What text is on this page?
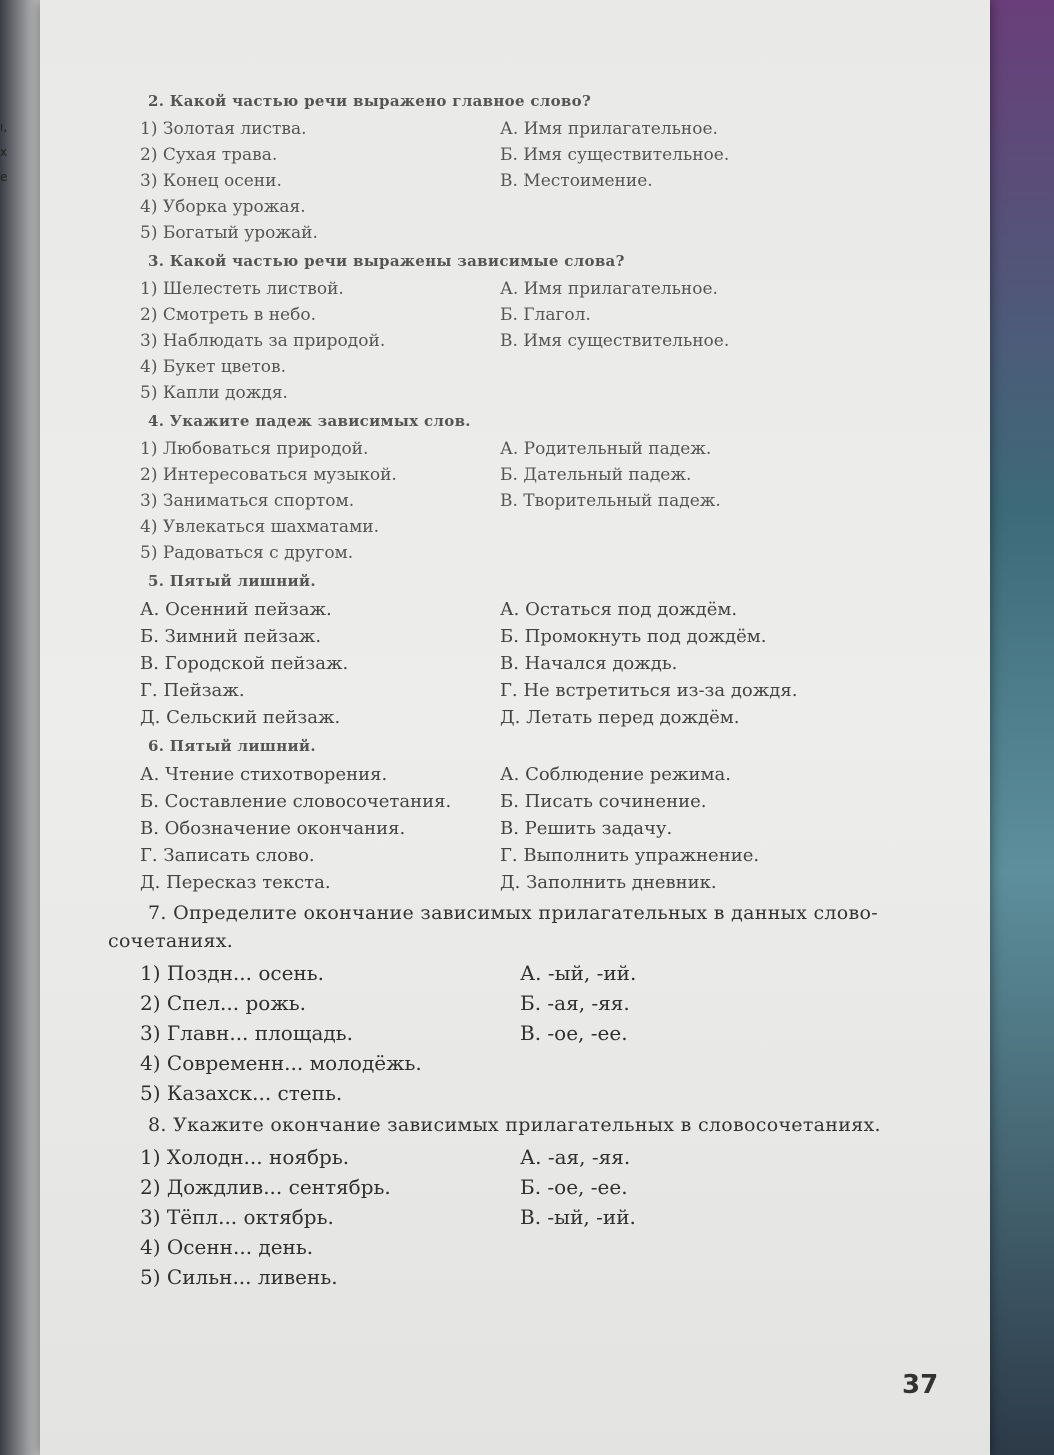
ı,
х
е
2. Какой частью речи выражено главное слово?
1) Золотая листва.
2) Сухая трава.
3) Конец осени.
4) Уборка урожая.
5) Богатый урожай.
А. Имя прилагательное.
Б. Имя существительное.
В. Местоимение.
3. Какой частью речи выражены зависимые слова?
1) Шелестеть листвой.
2) Смотреть в небо.
3) Наблюдать за природой.
4) Букет цветов.
5) Капли дождя.
А. Имя прилагательное.
Б. Глагол.
В. Имя существительное.
4. Укажите падеж зависимых слов.
1) Любоваться природой.
2) Интересоваться музыкой.
3) Заниматься спортом.
4) Увлекаться шахматами.
5) Радоваться с другом.
А. Родительный падеж.
Б. Дательный падеж.
В. Творительный падеж.
5. Пятый лишний.
А. Осенний пейзаж.
Б. Зимний пейзаж.
В. Городской пейзаж.
Г. Пейзаж.
Д. Сельский пейзаж.
А. Остаться под дождём.
Б. Промокнуть под дождём.
В. Начался дождь.
Г. Не встретиться из-за дождя.
Д. Летать перед дождём.
6. Пятый лишний.
А. Чтение стихотворения.
Б. Составление словосочетания.
В. Обозначение окончания.
Г. Записать слово.
Д. Пересказ текста.
А. Соблюдение режима.
Б. Писать сочинение.
В. Решить задачу.
Г. Выполнить упражнение.
Д. Заполнить дневник.
7. Определите окончание зависимых прилагательных в данных слово-
сочетаниях.
1) Поздн... осень.
2) Спел... рожь.
3) Главн... площадь.
4) Современн... молодёжь.
5) Казахск... степь.
А. -ый, -ий.
Б. -ая, -яя.
В. -ое, -ее.
8. Укажите окончание зависимых прилагательных в словосочетаниях.
1) Холодн... ноябрь.
2) Дождлив... сентябрь.
3) Тёпл... октябрь.
4) Осенн... день.
5) Сильн... ливень.
А. -ая, -яя.
Б. -ое, -ее.
В. -ый, -ий.
37
